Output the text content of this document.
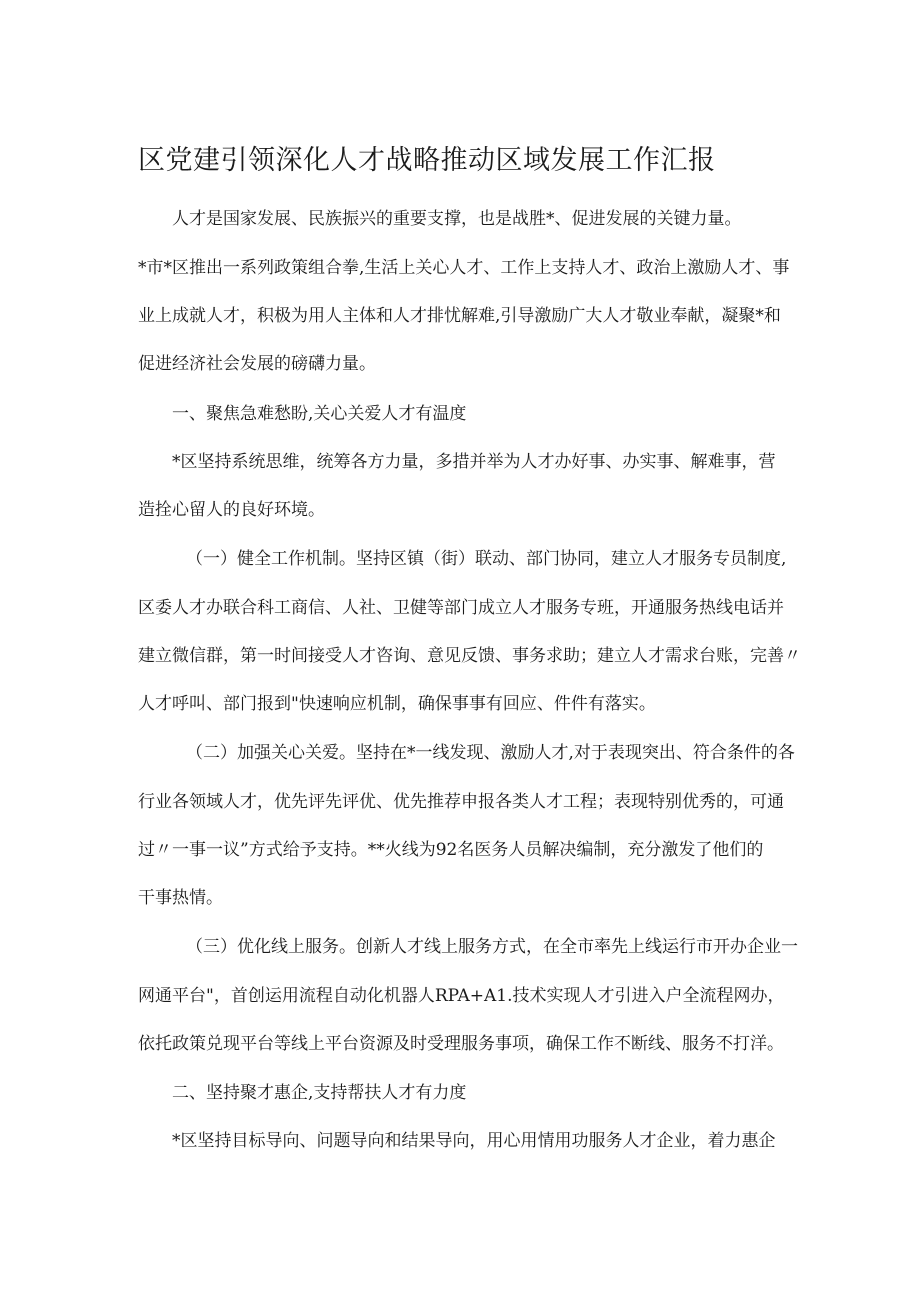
区党建引领深化人才战略推动区域发展工作汇报

人才是国家发展、民族振兴的重要支撑，也是战胜*、促进发展的关键力量。

*市*区推出一系列政策组合拳,生活上关心人才、工作上支持人才、政治上激励人才、事

业上成就人才，积极为用人主体和人才排忧解难,引导激励广大人才敬业奉献，凝聚*和

促进经济社会发展的磅礴力量。

一、聚焦急难愁盼,关心关爱人才有温度

*区坚持系统思维，统筹各方力量，多措并举为人才办好事、办实事、解难事，营

造拴心留人的良好环境。

（一）健全工作机制。坚持区镇（街）联动、部门协同，建立人才服务专员制度,

区委人才办联合科工商信、人社、卫健等部门成立人才服务专班，开通服务热线电话并

建立微信群，第一时间接受人才咨询、意见反馈、事务求助；建立人才需求台账，完善〃

人才呼叫、部门报到"快速响应机制，确保事事有回应、件件有落实。

（二）加强关心关爱。坚持在*一线发现、激励人才,对于表现突出、符合条件的各

行业各领域人才，优先评先评优、优先推荐申报各类人才工程；表现特别优秀的，可通

过〃一事一议”方式给予支持。**火线为92名医务人员解决编制，充分激发了他们的

干事热情。

（三）优化线上服务。创新人才线上服务方式，在全市率先上线运行市开办企业一

网通平台"，首创运用流程自动化机器人RPA+A1.技术实现人才引进入户全流程网办，

依托政策兑现平台等线上平台资源及时受理服务事项，确保工作不断线、服务不打洋。

二、坚持聚才惠企,支持帮扶人才有力度

*区坚持目标导向、问题导向和结果导向，用心用情用功服务人才企业，着力惠企
